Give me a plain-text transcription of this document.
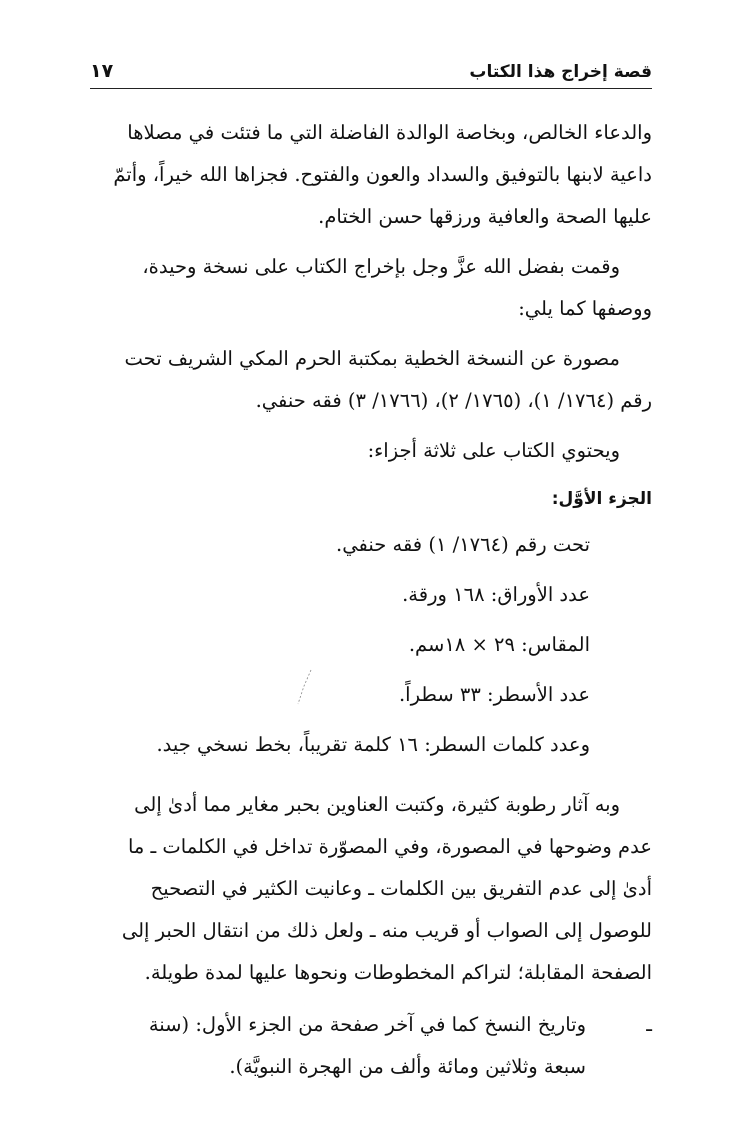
قصة إخراج هذا الكتاب
١٧

والدعاء الخالص، وبخاصة الوالدة الفاضلة التي ما فتئت في مصلاها

داعية لابنها بالتوفيق والسداد والعون والفتوح. فجزاها الله خيراً، وأتمّ

عليها الصحة والعافية ورزقها حسن الختام.

وقمت بفضل الله عزَّ وجل بإخراج الكتاب على نسخة وحيدة،

ووصفها كما يلي:

مصورة عن النسخة الخطية بمكتبة الحرم المكي الشريف تحت

رقم (١٧٦٤/ ١)، (١٧٦٥/ ٢)، (١٧٦٦/ ٣) فقه حنفي.

ويحتوي الكتاب على ثلاثة أجزاء:

الجزء الأوَّل:

تحت رقم (١٧٦٤/ ١) فقه حنفي.

عدد الأوراق: ١٦٨ ورقة.

المقاس: ٢٩ × ١٨سم.

عدد الأسطر: ٣٣ سطراً.

وعدد كلمات السطر: ١٦ كلمة تقريباً، بخط نسخي جيد.

وبه آثار رطوبة كثيرة، وكتبت العناوين بحبر مغاير مما أدىٰ إلى

عدم وضوحها في المصورة، وفي المصوّرة تداخل في الكلمات ـ ما

أدىٰ إلى عدم التفريق بين الكلمات ـ وعانيت الكثير في التصحيح

للوصول إلى الصواب أو قريب منه ـ ولعل ذلك من انتقال الحبر إلى

الصفحة المقابلة؛ لتراكم المخطوطات ونحوها عليها لمدة طويلة.

ـ

وتاريخ النسخ كما في آخر صفحة من الجزء الأول: (سنة

سبعة وثلاثين ومائة وألف من الهجرة النبويَّة).
